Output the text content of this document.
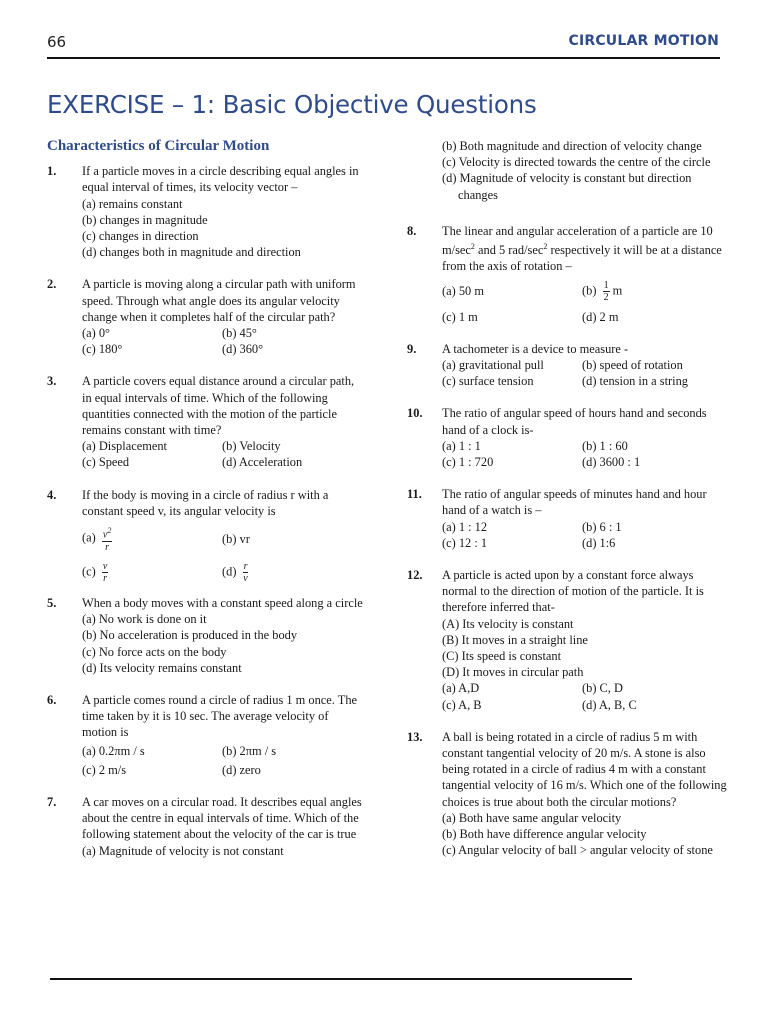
66	CIRCULAR MOTION
EXERCISE – 1: Basic Objective Questions
Characteristics of Circular Motion
1. If a particle moves in a circle describing equal angles in equal interval of times, its velocity vector –

(a) remains constant
(b) changes in magnitude
(c) changes in direction
(d) changes both in magnitude and direction
2. A particle is moving along a circular path with uniform speed. Through what angle does its angular velocity change when it completes half of the circular path?

(a) 0°	(b) 45°
(c) 180°	(d) 360°
3. A particle covers equal distance around a circular path, in equal intervals of time. Which of the following quantities connected with the motion of the particle remains constant with time?

(a) Displacement	(b) Velocity
(c) Speed	(d) Acceleration
4. If the body is moving in a circle of radius r with a constant speed v, its angular velocity is

$(a) \frac{v^2}{r}$	(b) vr
$(c) \frac{v}{r}$	$(d) \frac{r}{v}$
5. When a body moves with a constant speed along a circle

(a) No work is done on it
(b) No acceleration is produced in the body
(c) No force acts on the body
(d) Its velocity remains constant
6. A particle comes round a circle of radius 1 m once. The time taken by it is 10 sec. The average velocity of motion is

(a) 0.2πm / s	(b) 2πm / s
(c) 2 m/s	(d) zero
7. A car moves on a circular road. It describes equal angles about the centre in equal intervals of time. Which of the following statement about the velocity of the car is true

(a) Magnitude of velocity is not constant
(b) Both magnitude and direction of velocity change
(c) Velocity is directed towards the centre of the circle
(d) Magnitude of velocity is constant but direction changes
8. The linear and angular acceleration of a particle are 10 $m/\sec^2$ and 5 rad/$\sec^2$ respectively it will be at a distance from the axis of rotation –

(a) 50 m	$(b) \frac{1}{2}$ m
(c) 1 m	(d) 2 m
9. A tachometer is a device to measure -

(a) gravitational pull	(b) speed of rotation
(c) surface tension	(d) tension in a string
10. The ratio of angular speed of hours hand and seconds hand of a clock is-

(a) 1 : 1	(b) 1 : 60
(c) 1 : 720	(d) 3600 : 1
11. The ratio of angular speeds of minutes hand and hour hand of a watch is –

(a) 1 : 12	(b) 6 : 1
(c) 12 : 1	(d) 1:6
12. A particle is acted upon by a constant force always normal to the direction of motion of the particle. It is therefore inferred that-

(A) Its velocity is constant
(B) It moves in a straight line
(C) Its speed is constant
(D) It moves in circular path
(a) A,D	(b) C, D
(c) A, B	(d) A, B, C
13. A ball is being rotated in a circle of radius 5 m with constant tangential velocity of 20 m/s. A stone is also being rotated in a circle of radius 4 m with a constant tangential velocity of 16 m/s. Which one of the following choices is true about both the circular motions?

(a) Both have same angular velocity
(b) Both have difference angular velocity
(c) Angular velocity of ball > angular velocity of stone
